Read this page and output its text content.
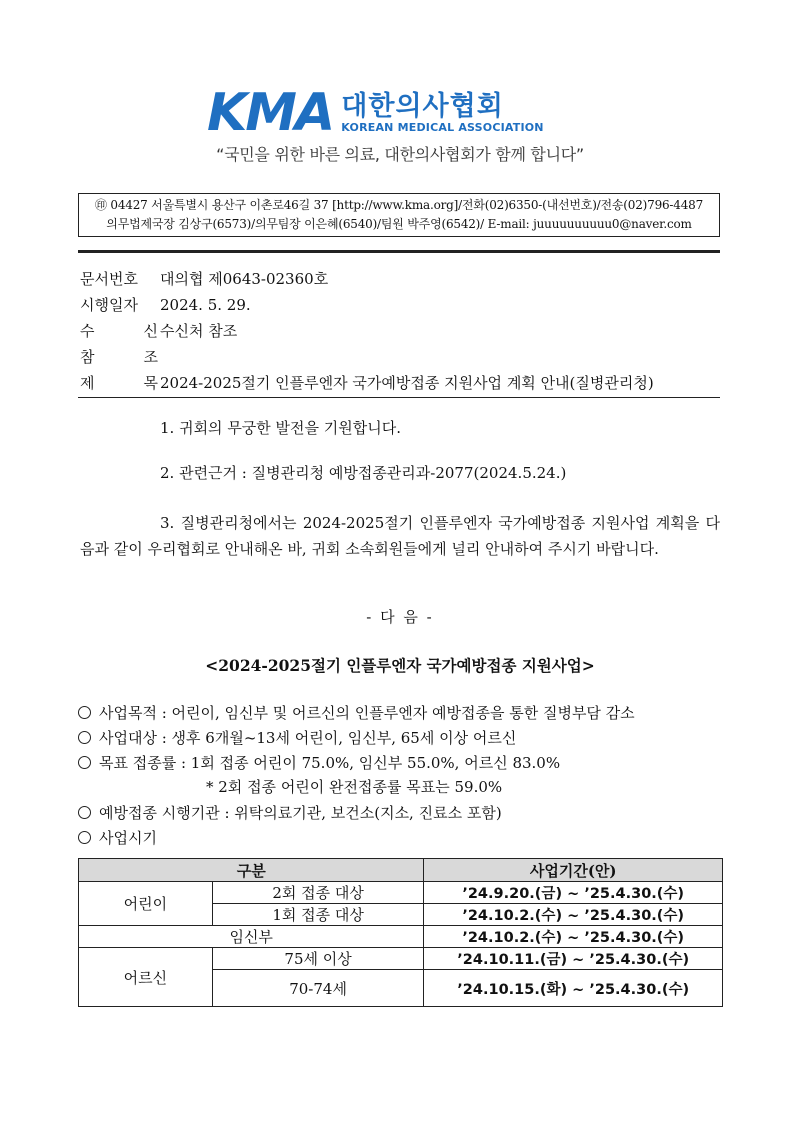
KMA 대한의사협회
KOREAN MEDICAL ASSOCIATION
“국민을 위한 바른 의료, 대한의사협회가 함께 합니다”
㊞ 04427 서울특별시 용산구 이촌로46길 37 [http://www.kma.org]/전화(02)6350-(내선번호)/전송(02)796-4487
의무법제국장 김상구(6573)/의무팀장 이은혜(6540)/팀원 박주영(6542)/ E-mail: juuuuuuuuuu0@naver.com
문서번호	대의협 제0643-02360호
시행일자	2024. 5. 29.
수	신 수신처 참조
참	조
제	목 2024-2025절기 인플루엔자 국가예방접종 지원사업 계획 안내(질병관리청)
1. 귀회의 무궁한 발전을 기원합니다.
2. 관련근거 : 질병관리청 예방접종관리과-2077(2024.5.24.)
3. 질병관리청에서는 2024-2025절기 인플루엔자 국가예방접종 지원사업 계획을 다음과 같이 우리협회로 안내해온 바, 귀회 소속회원들에게 널리 안내하여 주시기 바랍니다.
- 다 음 -
<2024-2025절기 인플루엔자 국가예방접종 지원사업>
사업목적 : 어린이, 임신부 및 어르신의 인플루엔자 예방접종을 통한 질병부담 감소
사업대상 : 생후 6개월~13세 어린이, 임신부, 65세 이상 어르신
목표 접종률 : 1회 접종 어린이 75.0%, 임신부 55.0%, 어르신 83.0%
* 2회 접종 어린이 완전접종률 목표는 59.0%
예방접종 시행기관 : 위탁의료기관, 보건소(지소, 진료소 포함)
사업시기
구분		사업기간(안)
어린이	2회 접종 대상	’24.9.20.(금) ~ ’25.4.30.(수)
	1회 접종 대상	’24.10.2.(수) ~ ’25.4.30.(수)
임신부		’24.10.2.(수) ~ ’25.4.30.(수)
어르신	75세 이상	’24.10.11.(금) ~ ’25.4.30.(수)
	70-74세	’24.10.15.(화) ~ ’25.4.30.(수)
